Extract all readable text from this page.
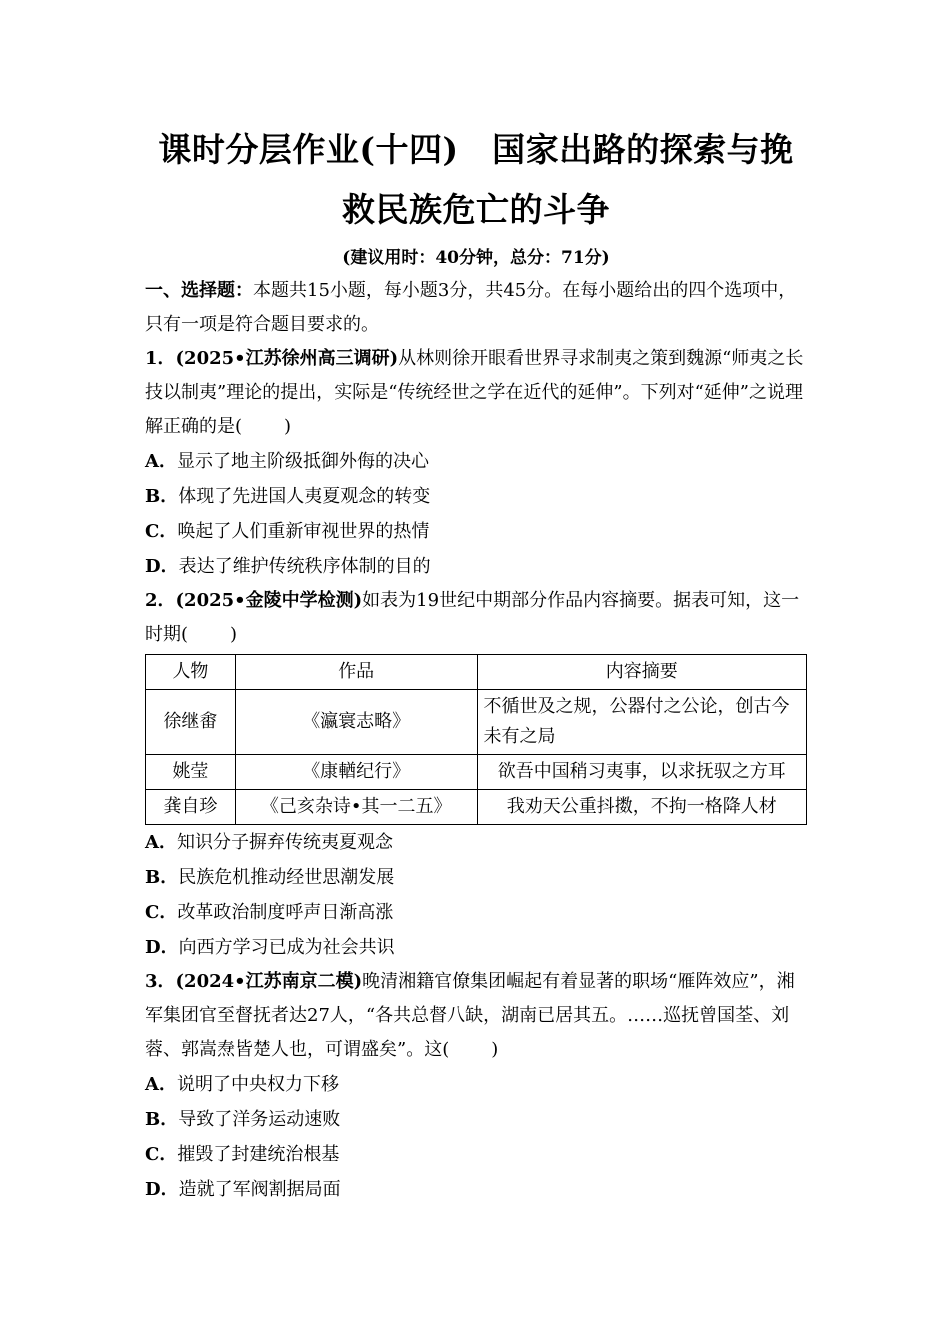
课时分层作业(十四)　国家出路的探索与挽
救民族危亡的斗争
(建议用时：40分钟，总分：71分)
一、选择题：本题共15小题，每小题3分，共45分。在每小题给出的四个选项中，只有一项是符合题目要求的。
1．(2025•江苏徐州高三调研)从林则徐开眼看世界寻求制夷之策到魏源“师夷之长技以制夷”理论的提出，实际是“传统经世之学在近代的延伸”。下列对“延伸”之说理解正确的是( )
A．显示了地主阶级抵御外侮的决心
B．体现了先进国人夷夏观念的转变
C．唤起了人们重新审视世界的热情
D．表达了维护传统秩序体制的目的
2．(2025•金陵中学检测)如表为19世纪中期部分作品内容摘要。据表可知，这一时期( )
人物	作品	内容摘要
徐继畬	《瀛寰志略》	不循世及之规，公器付之公论，创古今未有之局
姚莹	《康輶纪行》	欲吾中国稍习夷事，以求抚驭之方耳
龚自珍	《己亥杂诗•其一二五》	我劝天公重抖擞，不拘一格降人材
A．知识分子摒弃传统夷夏观念
B．民族危机推动经世思潮发展
C．改革政治制度呼声日渐高涨
D．向西方学习已成为社会共识
3．(2024•江苏南京二模)晚清湘籍官僚集团崛起有着显著的职场“雁阵效应”，湘军集团官至督抚者达27人，“各共总督八缺，湖南已居其五。……巡抚曾国荃、刘蓉、郭嵩焘皆楚人也，可谓盛矣”。这( )
A．说明了中央权力下移
B．导致了洋务运动速败
C．摧毁了封建统治根基
D．造就了军阀割据局面
